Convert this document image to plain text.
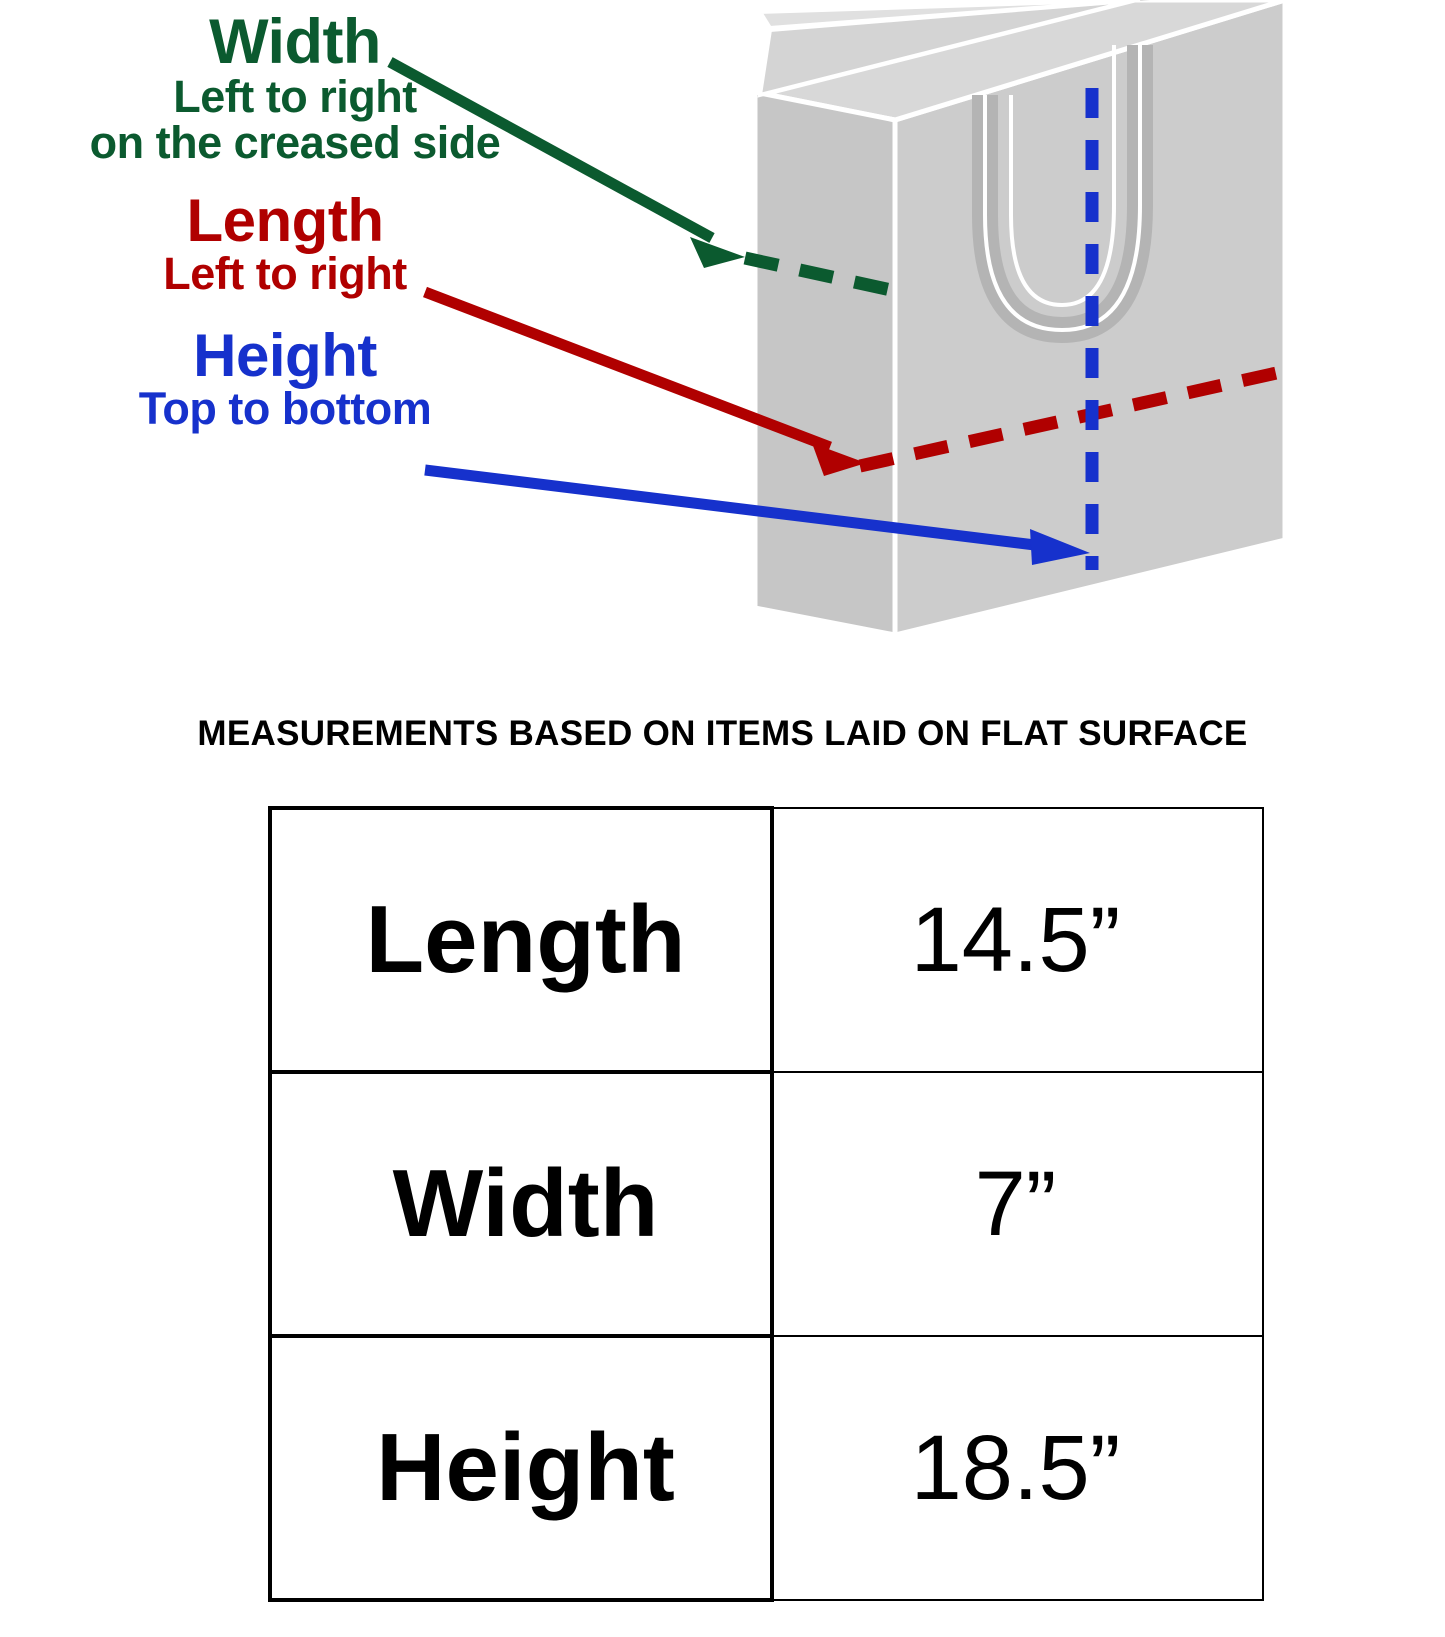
Width
Left to right
on the creased side
Length
Left to right
Height
Top to bottom
MEASUREMENTS BASED ON ITEMS LAID ON FLAT SURFACE
Length	14.5”
Width	7”
Height	18.5”
